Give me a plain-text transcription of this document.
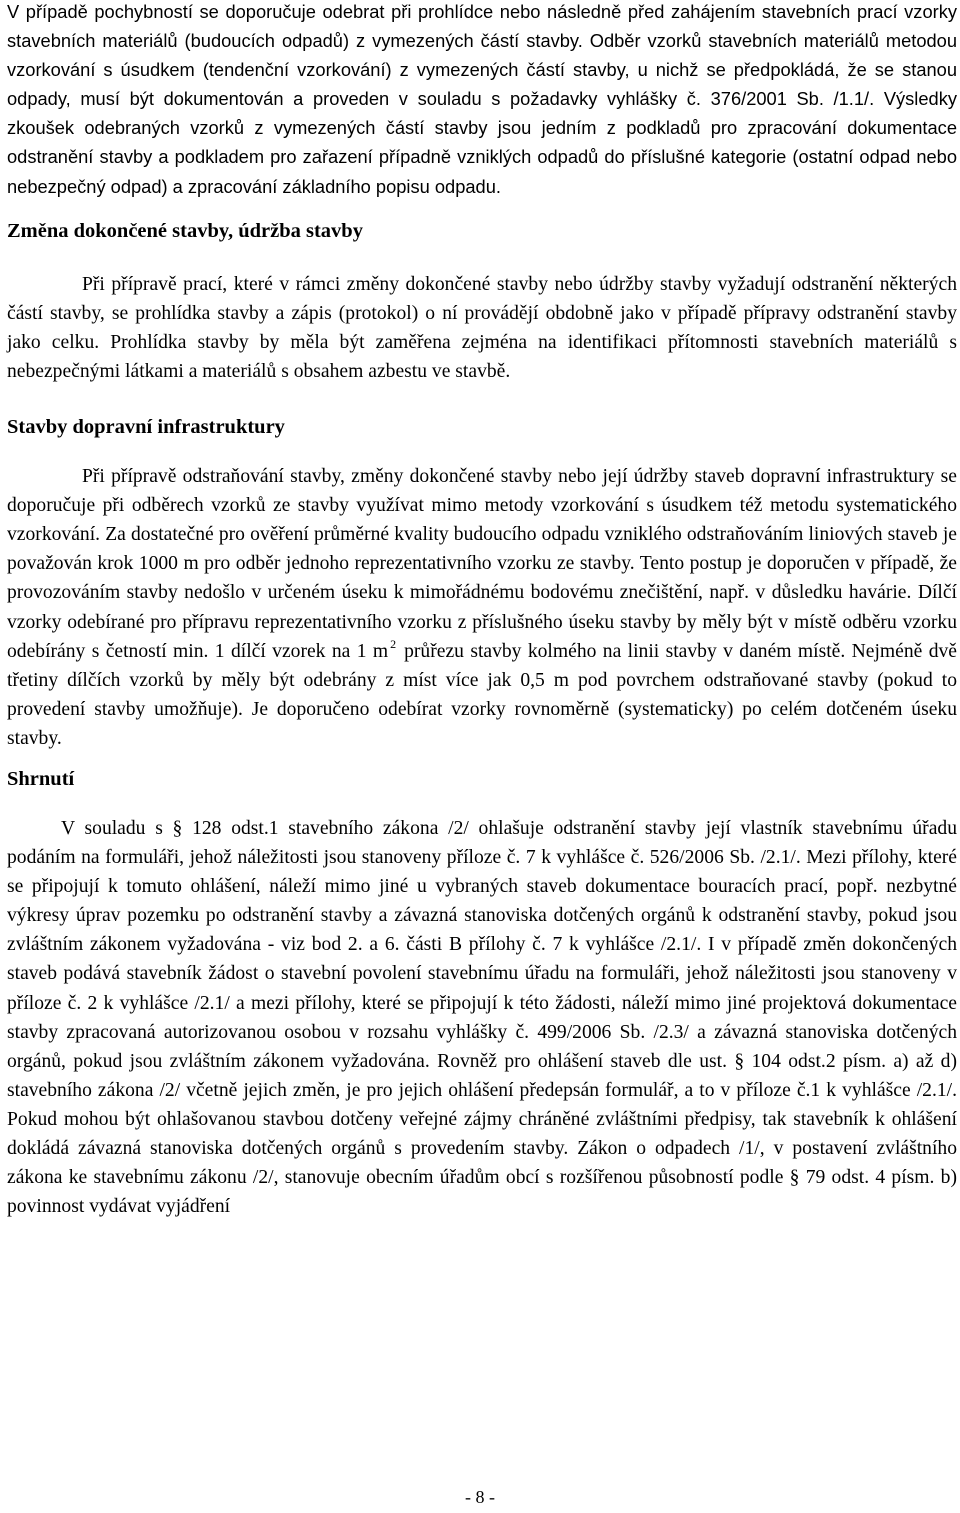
V případě pochybností se doporučuje odebrat při prohlídce nebo následně před zahájením stavebních prací vzorky stavebních materiálů (budoucích odpadů) z vymezených částí stavby. Odběr vzorků stavebních materiálů metodou vzorkování s úsudkem (tendenční vzorkování) z vymezených částí stavby, u nichž se předpokládá, že se stanou odpady, musí být dokumentován a proveden v souladu s požadavky vyhlášky č. 376/2001 Sb. /1.1/. Výsledky zkoušek odebraných vzorků z vymezených částí stavby jsou jedním z podkladů pro zpracování dokumentace odstranění stavby a podkladem pro zařazení případně vzniklých odpadů do příslušné kategorie (ostatní odpad nebo nebezpečný odpad) a zpracování základního popisu odpadu.

Změna dokončené stavby, údržba stavby

Při přípravě prací, které v rámci změny dokončené stavby nebo údržby stavby vyžadují odstranění některých částí stavby, se prohlídka stavby a zápis (protokol) o ní provádějí obdobně jako v případě přípravy odstranění stavby jako celku. Prohlídka stavby by měla být zaměřena zejména na identifikaci přítomnosti stavebních materiálů s nebezpečnými látkami a materiálů s obsahem azbestu ve stavbě.

Stavby dopravní infrastruktury

Při přípravě odstraňování stavby, změny dokončené stavby nebo její údržby staveb dopravní infrastruktury se doporučuje při odběrech vzorků ze stavby využívat mimo metody vzorkování s úsudkem též metodu systematického vzorkování. Za dostatečné pro ověření průměrné kvality budoucího odpadu vzniklého odstraňováním liniových staveb je považován krok 1000 m pro odběr jednoho reprezentativního vzorku ze stavby. Tento postup je doporučen v případě, že provozováním stavby nedošlo v určeném úseku k mimořádnému bodovému znečištění, např. v důsledku havárie. Dílčí vzorky odebírané pro přípravu reprezentativního vzorku z příslušného úseku stavby by měly být v místě odběru vzorku odebírány s četností min. 1 dílčí vzorek na 1 m $^2$ průřezu stavby kolmého na linii stavby v daném místě. Nejméně dvě třetiny dílčích vzorků by měly být odebrány z míst více jak 0,5 m pod povrchem odstraňované stavby (pokud to provedení stavby umožňuje). Je doporučeno odebírat vzorky rovnoměrně (systematicky) po celém dotčeném úseku stavby.

Shrnutí

V souladu s § 128 odst.1 stavebního zákona /2/ ohlašuje odstranění stavby její vlastník stavebnímu úřadu podáním na formuláři, jehož náležitosti jsou stanoveny příloze č. 7 k vyhlášce č. 526/2006 Sb. /2.1/. Mezi přílohy, které se připojují k tomuto ohlášení, náleží mimo jiné u vybraných staveb dokumentace bouracích prací, popř. nezbytné výkresy úprav pozemku po odstranění stavby a závazná stanoviska dotčených orgánů k odstranění stavby, pokud jsou zvláštním zákonem vyžadována - viz bod 2. a 6. části B přílohy č. 7 k vyhlášce /2.1/. I v případě změn dokončených staveb podává stavebník žádost o stavební povolení stavebnímu úřadu na formuláři, jehož náležitosti jsou stanoveny v příloze č. 2 k vyhlášce /2.1/ a mezi přílohy, které se připojují k této žádosti, náleží mimo jiné projektová dokumentace stavby zpracovaná autorizovanou osobou v rozsahu vyhlášky č. 499/2006 Sb. /2.3/ a závazná stanoviska dotčených orgánů, pokud jsou zvláštním zákonem vyžadována. Rovněž pro ohlášení staveb dle ust. § 104 odst.2 písm. a) až d) stavebního zákona /2/ včetně jejich změn, je pro jejich ohlášení předepsán formulář, a to v příloze č.1 k vyhlášce /2.1/. Pokud mohou být ohlašovanou stavbou dotčeny veřejné zájmy chráněné zvláštními předpisy, tak stavebník k ohlášení dokládá závazná stanoviska dotčených orgánů s provedením stavby. Zákon o odpadech /1/, v postavení zvláštního zákona ke stavebnímu zákonu /2/, stanovuje obecním úřadům obcí s rozšířenou působností podle § 79 odst. 4 písm. b) povinnost vydávat vyjádření

- 8 -
